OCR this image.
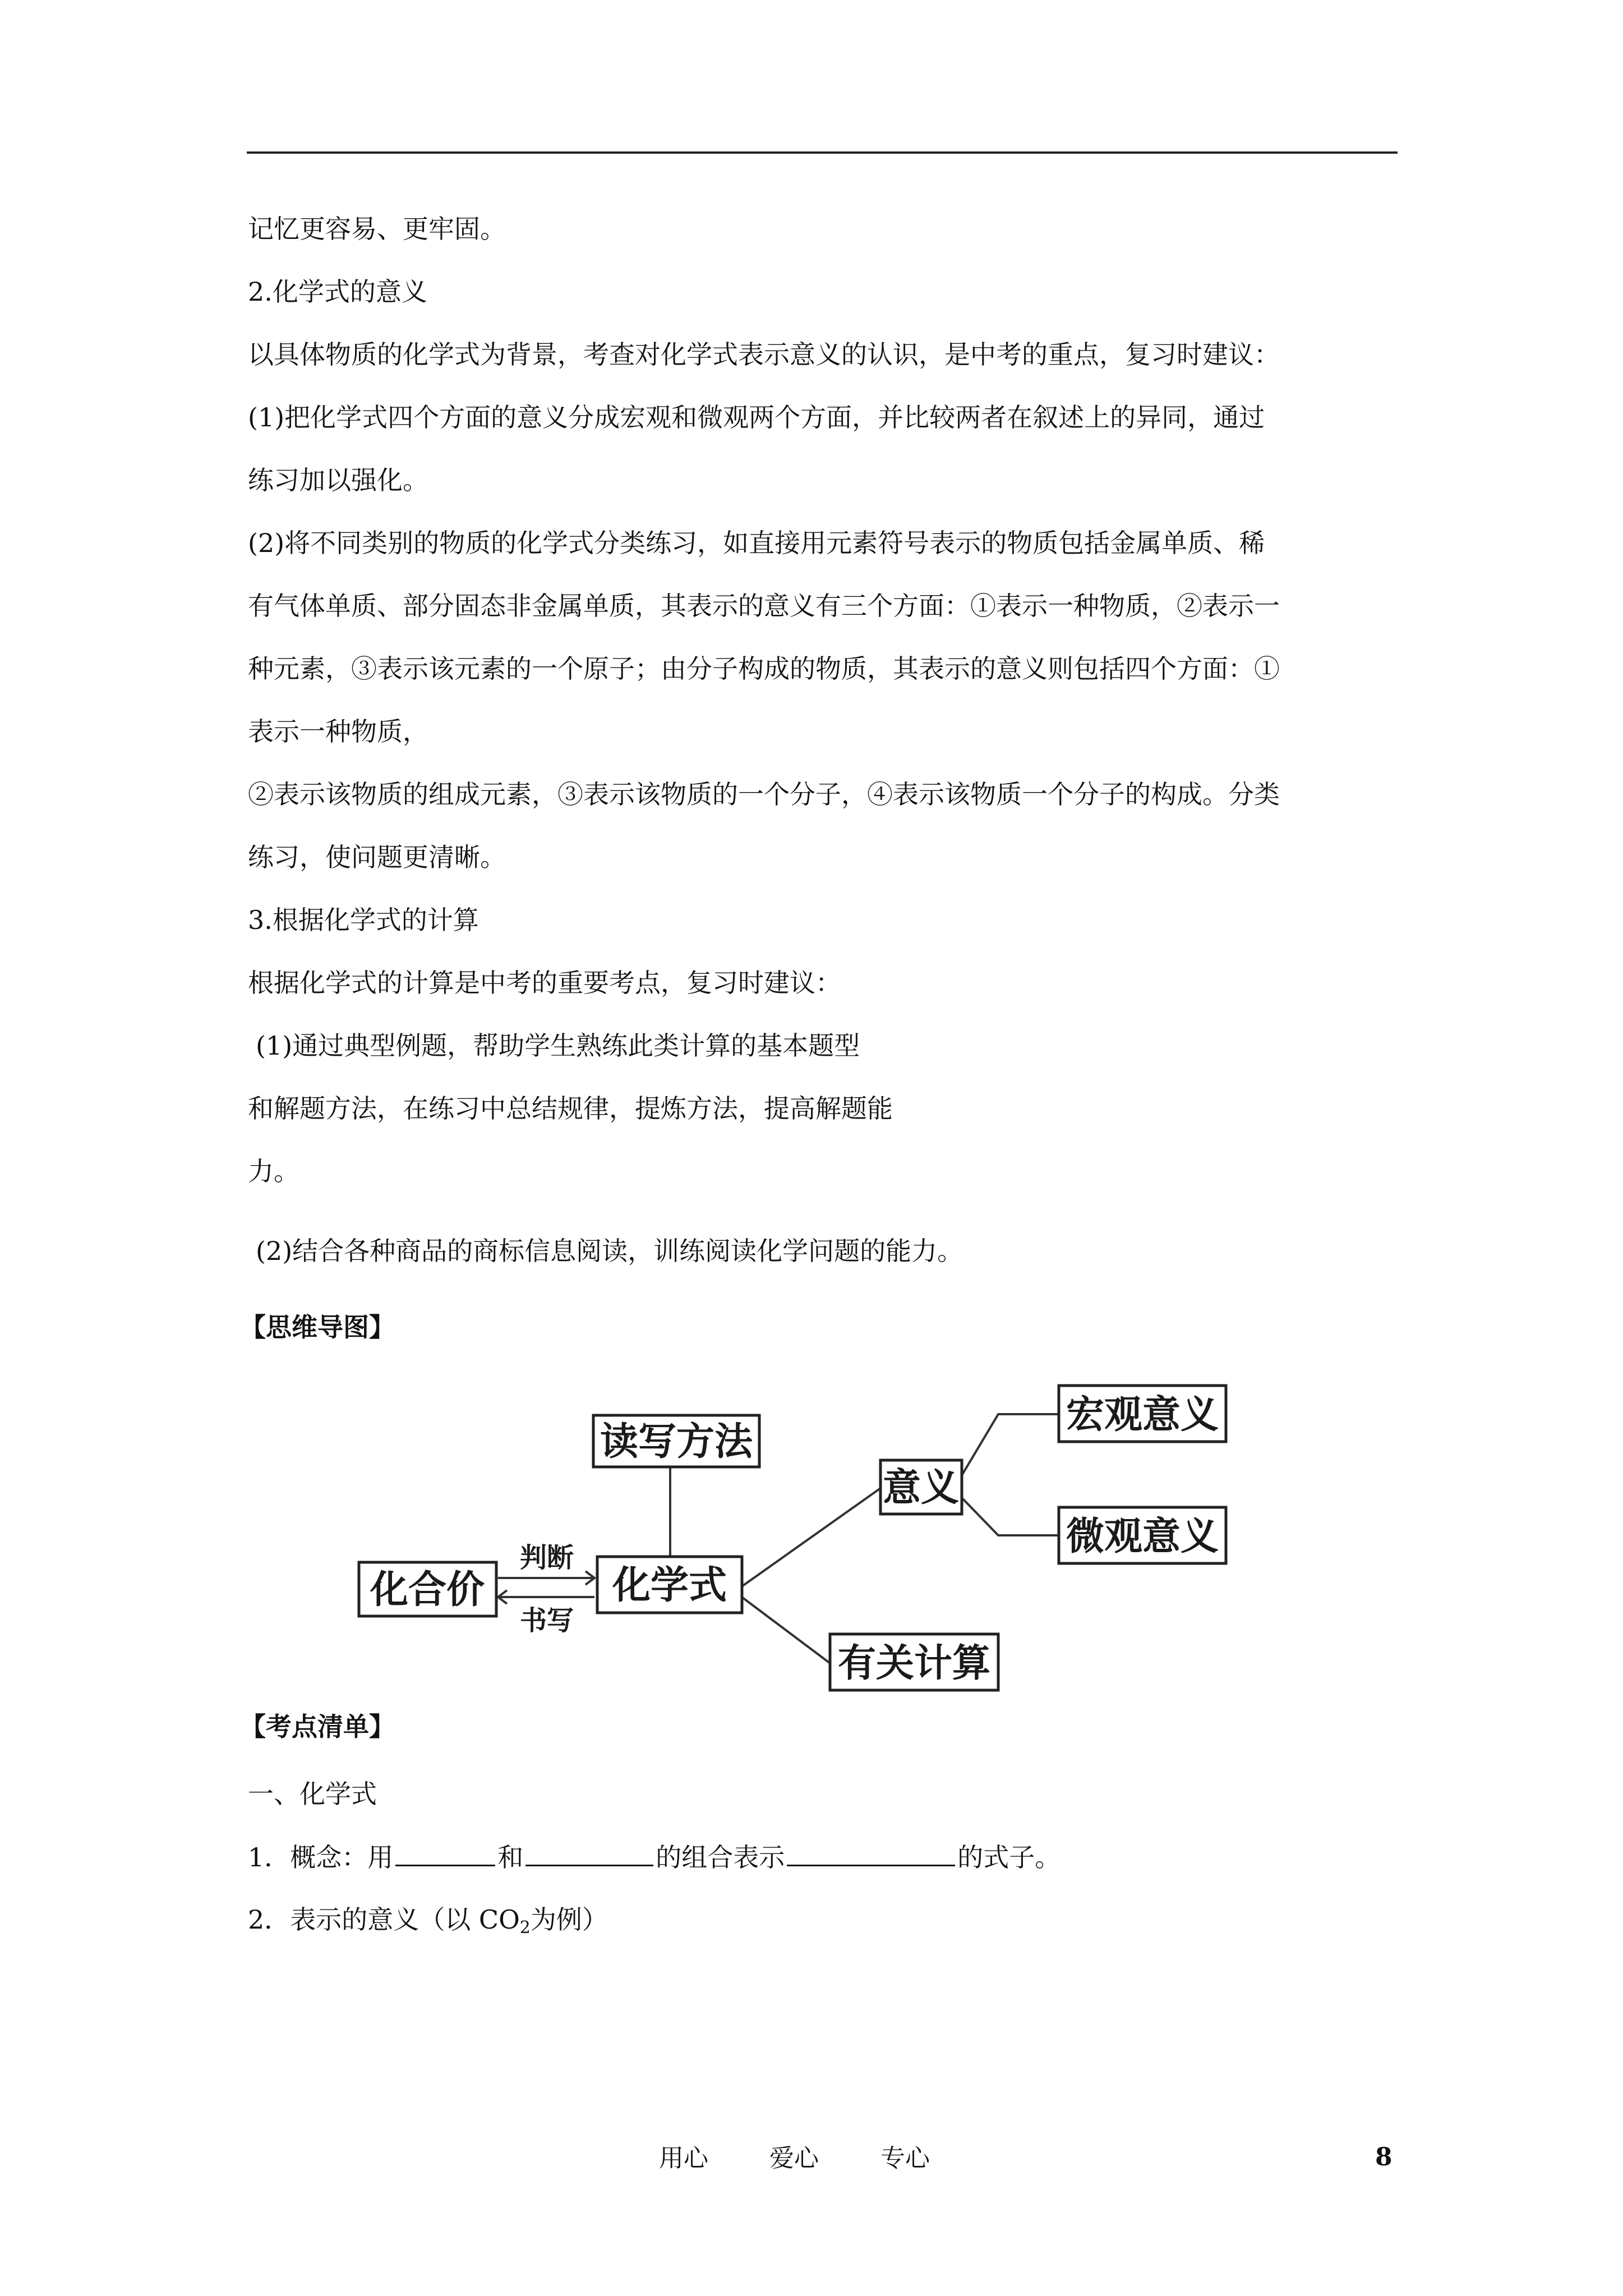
记忆更容易、更牢固。
2.化学式的意义
以具体物质的化学式为背景，考查对化学式表示意义的认识，是中考的重点，复习时建议：
(1)把化学式四个方面的意义分成宏观和微观两个方面，并比较两者在叙述上的异同，通过
练习加以强化。
(2)将不同类别的物质的化学式分类练习，如直接用元素符号表示的物质包括金属单质、稀
有气体单质、部分固态非金属单质，其表示的意义有三个方面：①表示一种物质，②表示一
种元素，③表示该元素的一个原子；由分子构成的物质，其表示的意义则包括四个方面：①
表示一种物质，
②表示该物质的组成元素，③表示该物质的一个分子，④表示该物质一个分子的构成。分类
练习，使问题更清晰。
3.根据化学式的计算
根据化学式的计算是中考的重要考点，复习时建议：
(1)通过典型例题，帮助学生熟练此类计算的基本题型
和解题方法，在练习中总结规律，提炼方法，提高解题能
力。
(2)结合各种商品的商标信息阅读，训练阅读化学问题的能力。
【思维导图】
化合价	化学式
读写方法
意义
宏观意义
微观意义
有关计算
判断
书写
【考点清单】
一、化学式
1．概念：用	和	的组合表示	的式子。
2．表示的意义（以 $CO_2$为例）
用心 爱心	专心	8
